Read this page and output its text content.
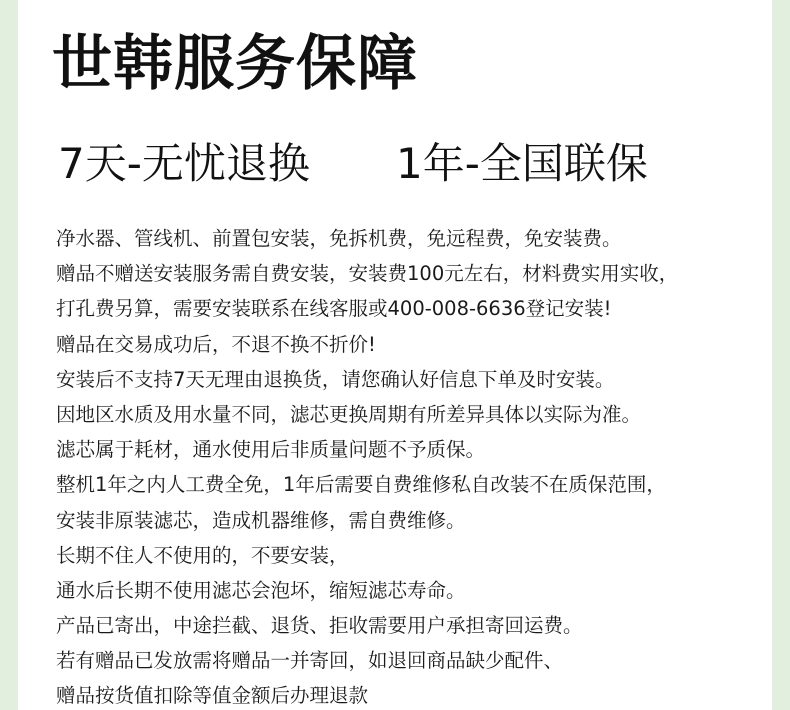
世韩服务保障
7天-无忧退换 1年-全国联保
净水器、管线机、前置包安装，免拆机费，免远程费，免安装费。
赠品不赠送安装服务需自费安装，安装费100元左右，材料费实用实收，
打孔费另算，需要安装联系在线客服或400-008-6636登记安装!
赠品在交易成功后，不退不换不折价!
安装后不支持7天无理由退换货，请您确认好信息下单及时安装。
因地区水质及用水量不同，滤芯更换周期有所差异具体以实际为准。
滤芯属于耗材，通水使用后非质量问题不予质保。
整机1年之内人工费全免，1年后需要自费维修私自改装不在质保范围，
安装非原装滤芯，造成机器维修，需自费维修。
长期不住人不使用的，不要安装，
通水后长期不使用滤芯会泡坏，缩短滤芯寿命。
产品已寄出，中途拦截、退货、拒收需要用户承担寄回运费。
若有赠品已发放需将赠品一并寄回，如退回商品缺少配件、
赠品按货值扣除等值金额后办理退款
